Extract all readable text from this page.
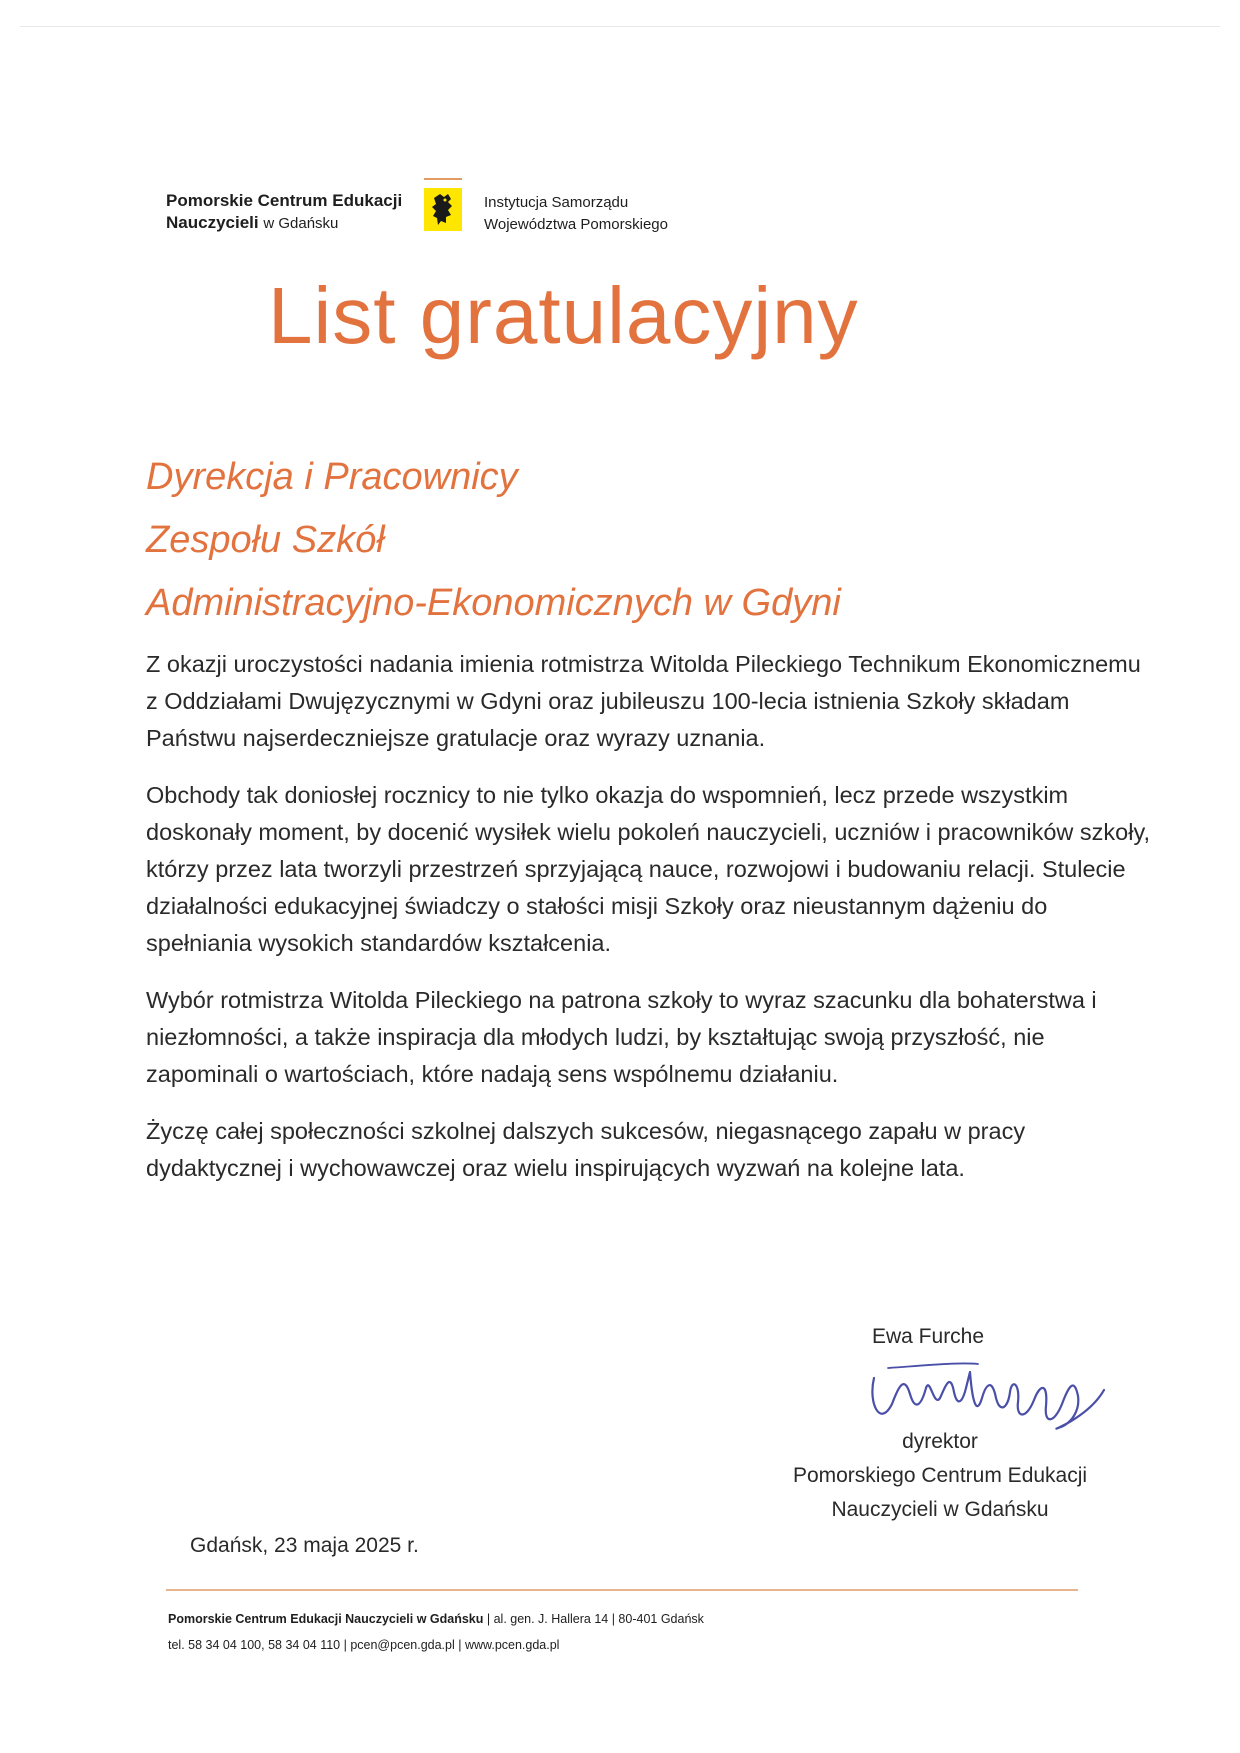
Pomorskie Centrum Edukacji
Nauczycieli w Gdańsku
Instytucja Samorządu
Województwa Pomorskiego
List gratulacyjny
Dyrekcja i Pracownicy
Zespołu Szkół
Administracyjno-Ekonomicznych w Gdyni

Z okazji uroczystości nadania imienia rotmistrza Witolda Pileckiego Technikum Ekonomicznemu z Oddziałami Dwujęzycznymi w Gdyni oraz jubileuszu 100-lecia istnienia Szkoły składam Państwu najserdeczniejsze gratulacje oraz wyrazy uznania.

Obchody tak doniosłej rocznicy to nie tylko okazja do wspomnień, lecz przede wszystkim doskonały moment, by docenić wysiłek wielu pokoleń nauczycieli, uczniów i pracowników szkoły, którzy przez lata tworzyli przestrzeń sprzyjającą nauce, rozwojowi i budowaniu relacji. Stulecie działalności edukacyjnej świadczy o stałości misji Szkoły oraz nieustannym dążeniu do spełniania wysokich standardów kształcenia.

Wybór rotmistrza Witolda Pileckiego na patrona szkoły to wyraz szacunku dla bohaterstwa i niezłomności, a także inspiracja dla młodych ludzi, by kształtując swoją przyszłość, nie zapominali o wartościach, które nadają sens wspólnemu działaniu.

Życzę całej społeczności szkolnej dalszych sukcesów, niegasnącego zapału w pracy dydaktycznej i wychowawczej oraz wielu inspirujących wyzwań na kolejne lata.

Ewa Furche
dyrektor
Pomorskiego Centrum Edukacji
Nauczycieli w Gdańsku
Gdańsk, 23 maja 2025 r.
Pomorskie Centrum Edukacji Nauczycieli w Gdańsku | al. gen. J. Hallera 14 | 80-401 Gdańsk
tel. 58 34 04 100, 58 34 04 110 | pcen@pcen.gda.pl | www.pcen.gda.pl
